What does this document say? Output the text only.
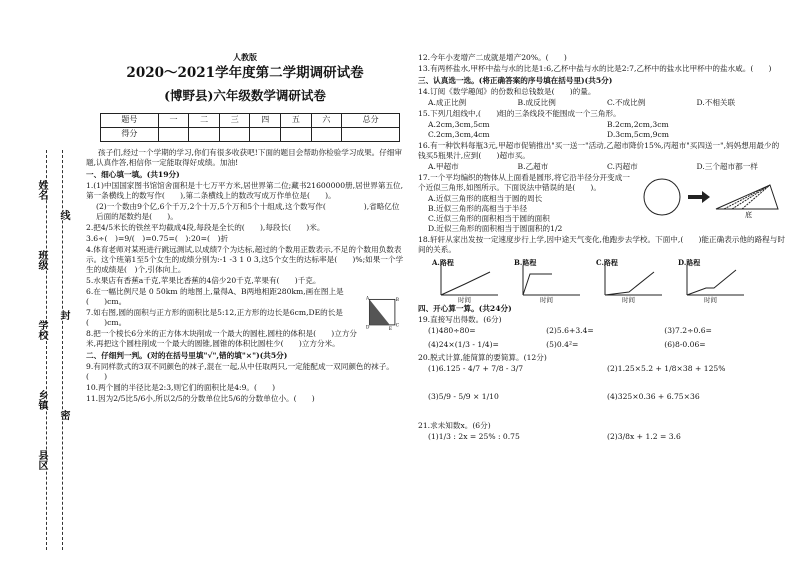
姓名
班级
学校
乡镇
县区
线
封
密
人教版
2020～2021学年度第二学期调研试卷
(博野县)六年级数学调研试卷
题号	一	二	三	四	五	六	总分
得分							
孩子们,经过一个学期的学习,你们有很多收获吧!下面的题目会帮助你检验学习成果。仔细审题,认真作答,相信你一定能取得好成绩。加油!
一、细心填一填。(共19分)
1.(1)中国国家图书馆馆舍面积是十七万平方米,居世界第二位;藏书21600000册,居世界第五位,第一条横线上的数写作(　　),第二条横线上的数改写成万作单位是(　　)。
(2)一个数由9个亿,6个千万,2个十万,5个万和5个十组成,这个数写作(　　　　　),省略亿位后面的尾数约是(　　)。
2.把4/5米长的铁丝平均截成4段,每段是全长的(　　),每段长(　　)米。
3.6÷(　)=9/(　)=0.75=(　):20=(　)折
4.体育老师对某班进行跳远测试,以成绩7个为达标,超过的个数用正数表示,不足的个数用负数表示。这个班第1至5个女生的成绩分别为:-1 -3 1 0 3,这5个女生的达标率是(　　)%;如果一个学生的成绩是(　)个,引体向上。
5.水果店有香蕉a千克,苹果比香蕉的4倍少20千克,苹果有(　　)千克。
6.在一幅比例尺是 0 50km 的地图上,量得A、B两地相距280km,画在图上是(　　)cm。
7.如右图,圆的面积与正方形的面积比是5:12,正方形的边长是6cm,DE的长是(　　)cm。
A	B
C
D	E
8.把一个棱长6分米的正方体木块削成一个最大的圆柱,圆柱的体积是(　　)立方分米,再把这个圆柱削成一个最大的圆锥,圆锥的体积比圆柱少(　　)立方分米。
二、仔细判一判。(对的在括号里填"√",错的填"×")(共5分)
9.有同样款式的3双不同颜色的袜子,混在一起,从中任取两只,一定能配成一双同颜色的袜子。(　　)
10.两个圆的半径比是2:3,则它们的面积比是4:9。(　　)
11.因为2/5比5/6小,所以2/5的分数单位比5/6的分数单位小。(　　)
12.今年小麦增产二成就是增产20%。(　　)
13.有两杯盐水,甲杯中盐与水的比是1:6,乙杯中盐与水的比是2:7,乙杯中的盐水比甲杯中的盐水咸。(　　)
三、认真选一选。(将正确答案的序号填在括号里)(共5分)
14.订阅《数学趣闻》的份数和总钱数是(　　)的量。
A.成正比例	B.成反比例	C.不成比例	D.不相关联
15.下列几组线中,(　　)组的三条线段不能围成一个三角形。
A.2cm,3cm,5cm	B.2cm,2cm,3cm
C.2cm,3cm,4cm	D.3cm,5cm,9cm
16.有一种饮料每瓶3元,甲超市促销推出"买一送一"活动,乙超市降价15%,丙超市"买四送一",妈妈想用最少的钱买5瓶果汁,应到(　　)超市买。
A.甲超市	B.乙超市	C.丙超市	D.三个超市都一样
17.一个平均编织的物体从上面看是圆形,将它沿半径分开变成一个近似三角形,如图所示。下面说法中错误的是(　　)。
底
A.近似三角形的底相当于圆的周长
B.近似三角形的高相当于半径
C.近似三角形的面积相当于圆的面积
D.近似三角形的面积相当于圆面积的1/2
18.轩轩从家出发按一定速度步行上学,因中途天气变化,他跑步去学校。下面中,(　　)能正确表示他的路程与时间的关系。
A.路程
时间
B.路程
时间
C.路程
时间
D.路程
时间
四、开心算一算。(共24分)
19.直接写出得数。(6分)
(1)480÷80=	(2)5.6+3.4=	(3)7.2÷0.6=
(4)24×(1/3 - 1/4)=	(5)0.4²=	(6)8-0.06=
20.脱式计算,能简算的要简算。(12分)
(1)6.125 - 4/7 + 7/8 - 3/7	(2)1.25×5.2 + 1/8×38 + 125%
(3)5/9 - 5/9 × 1/10	(4)325×0.36 + 6.75×36
21.求未知数x。(6分)
(1)1/3 : 2x = 25% : 0.75	(2)3/8x + 1.2 = 3.6
